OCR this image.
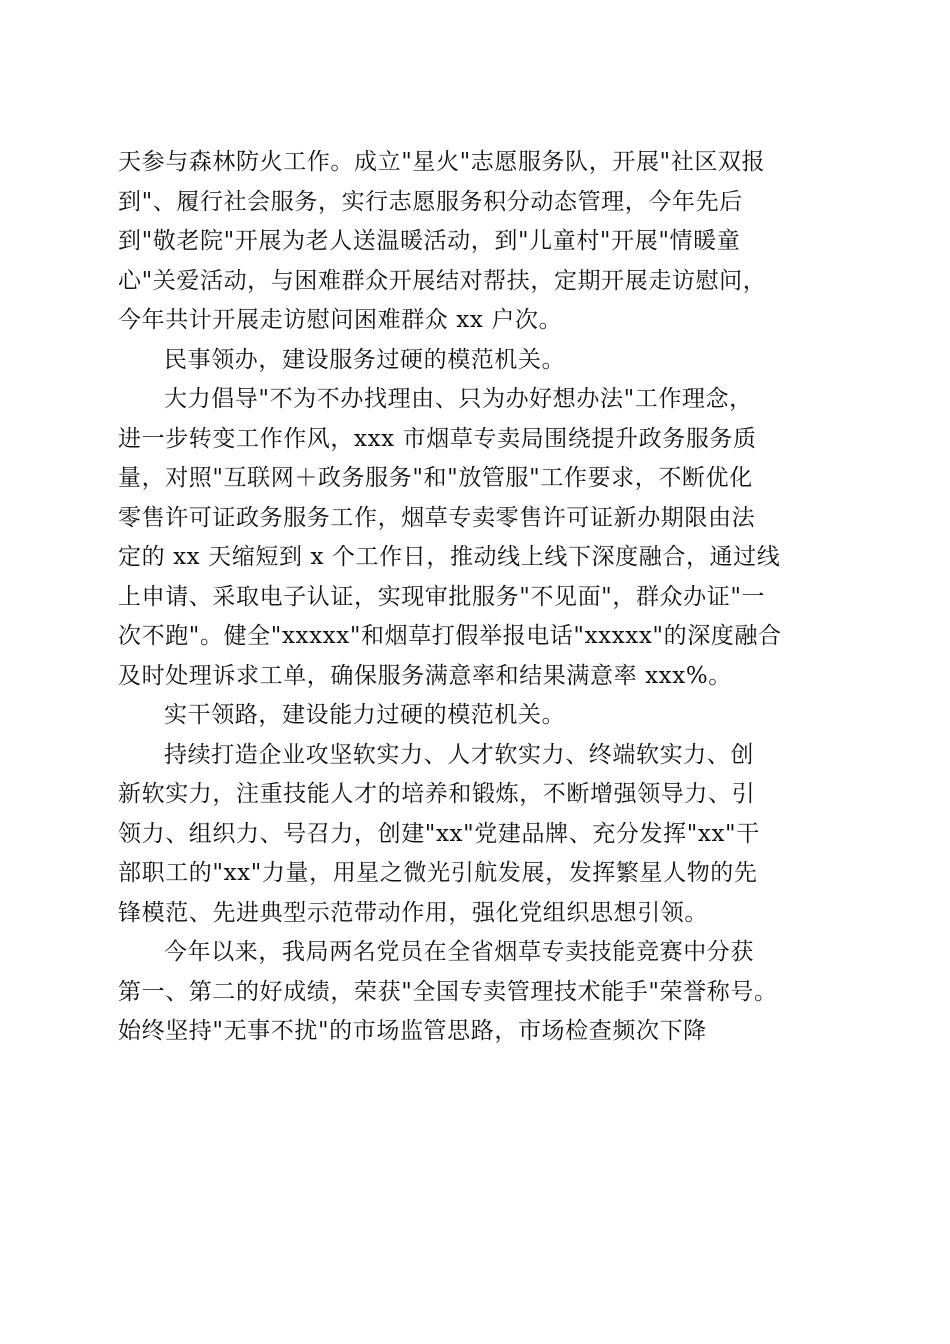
天参与森林防火工作。成立"星火"志愿服务队，开展"社区双报
到"、履行社会服务，实行志愿服务积分动态管理，今年先后
到"敬老院"开展为老人送温暖活动，到"儿童村"开展"情暖童
心"关爱活动，与困难群众开展结对帮扶，定期开展走访慰问，
今年共计开展走访慰问困难群众 xx 户次。
民事领办，建设服务过硬的模范机关。
大力倡导"不为不办找理由、只为办好想办法"工作理念，
进一步转变工作作风，xxx 市烟草专卖局围绕提升政务服务质
量，对照"互联网＋政务服务"和"放管服"工作要求，不断优化
零售许可证政务服务工作，烟草专卖零售许可证新办期限由法
定的 xx 天缩短到 x 个工作日，推动线上线下深度融合，通过线
上申请、采取电子认证，实现审批服务"不见面"，群众办证"一
次不跑"。健全"xxxxx"和烟草打假举报电话"xxxxx"的深度融合
及时处理诉求工单，确保服务满意率和结果满意率 xxx%。
实干领路，建设能力过硬的模范机关。
持续打造企业攻坚软实力、人才软实力、终端软实力、创
新软实力，注重技能人才的培养和锻炼，不断增强领导力、引
领力、组织力、号召力，创建"xx"党建品牌、充分发挥"xx"干
部职工的"xx"力量，用星之微光引航发展，发挥繁星人物的先
锋模范、先进典型示范带动作用，强化党组织思想引领。
今年以来，我局两名党员在全省烟草专卖技能竞赛中分获
第一、第二的好成绩，荣获"全国专卖管理技术能手"荣誉称号。
始终坚持"无事不扰"的市场监管思路，市场检查频次下降
